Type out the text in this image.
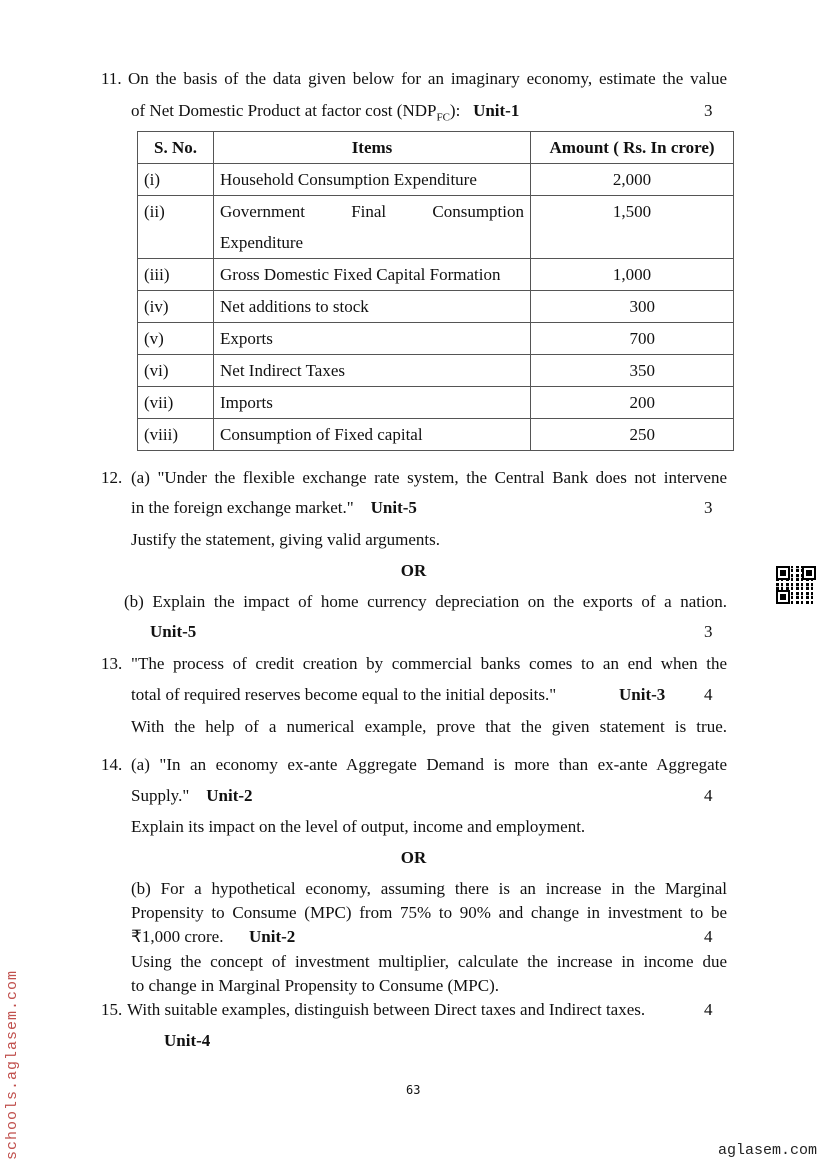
11. On the basis of the data given below for an imaginary economy, estimate the value
of Net Domestic Product at factor cost $(NDP_{FC})$: Unit-1	3
S. No.	Items	Amount ( Rs. In crore)
(i)	Household Consumption Expenditure	2,000
(ii)	Government Final Consumption
Expenditure	1,500
(iii)	Gross Domestic Fixed Capital Formation	1,000
(iv)	Net additions to stock	300
(v)	Exports	700
(vi)	Net Indirect Taxes	350
(vii)	Imports	200
(viii)	Consumption of Fixed capital	250
12. (a) "Under the flexible exchange rate system, the Central Bank does not intervene
in the foreign exchange market." Unit-5	3
Justify the statement, giving valid arguments.
OR
(b) Explain the impact of home currency depreciation on the exports of a nation.
Unit-5	3
13. "The process of credit creation by commercial banks comes to an end when the
total of required reserves become equal to the initial deposits."	Unit-3 4
With the help of a numerical example, prove that the given statement is true.
14. (a) "In an economy ex-ante Aggregate Demand is more than ex-ante Aggregate
Supply." Unit-2	4
Explain its impact on the level of output, income and employment.
OR
(b) For a hypothetical economy, assuming there is an increase in the Marginal
Propensity to Consume (MPC) from 75% to 90% and change in investment to be
₹1,000 crore. Unit-2	4
Using the concept of investment multiplier, calculate the increase in income due
to change in Marginal Propensity to Consume (MPC).
15. With suitable examples, distinguish between Direct taxes and Indirect taxes.	4
Unit-4
63
schools.aglasem.com	aglasem.com
